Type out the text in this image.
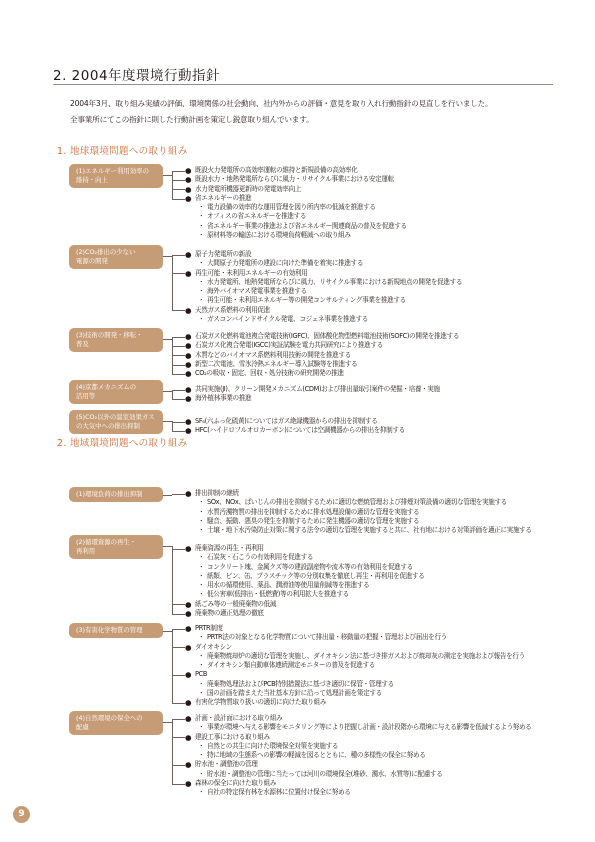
2. 2004年度環境行動指針
2004年3月、取り組み実績の評価、環境関係の社会動向、社内外からの評価・意見を取り入れ行動指針の見直しを行いました。
全事業所にてこの指針に則した行動計画を策定し鋭意取り組んでいます。
1. 地球環境問題への取り組み
2. 地域環境問題への取り組み
(1)エネルギー利用効率の
維持・向上
● 既設火力発電所の高効率運転の維持と新規設備の高効率化
● 既設水力・地熱発電所ならびに風力・リサイクル事業における安定運転
● 水力発電所機器更新時の発電効率向上
● 省エネルギーの推進
・ 電力設備の効率的な運用管理を図り所内率の低減を推進する
・ オフィスの省エネルギーを推進する
・ 省エネルギー事業の推進および省エネルギー関連商品の普及を促進する
・ 原材料等の輸送における環境負荷軽減への取り組み
(2)CO₂排出の少ない
電源の開発
● 原子力発電所の新設
・ 大間原子力発電所の建設に向けた準備を着実に推進する
● 再生可能・未利用エネルギーの有効利用
・ 水力発電所、地熱発電所ならびに風力、リサイクル事業における新規地点の開発を促進する
・ 海外バイオマス発電事業を推進する
・ 再生可能・未利用エネルギー等の開発コンサルティング事業を推進する
● 天然ガス系燃料の利用促進
・ ガスコンバインドサイクル発電、コジェネ事業を推進する
(3)技術の開発・移転・
普及
● 石炭ガス化燃料電池複合発電技術(IGFC)、固体酸化物型燃料電池技術(SOFC)の開発を推進する
● 石炭ガス化複合発電(IGCC)実証試験を電力共同研究により推進する
● 木質などのバイオマス系燃料利用技術の開発を推進する
● 新型二次電池、雪氷冷熱エネルギー導入試験等を推進する
● CO₂の吸収・固定、回収・処分技術の研究開発の推進
(4)京都メカニズムの
活用等
● 共同実施(JI)、クリーン開発メカニズム(CDM)および排出量取引案件の発掘・培養・実施
● 海外植林事業の推進
(5)CO₂以外の温室効果ガス
の大気中への排出抑制
● SF₆(六ふっ化硫黄)についてはガス絶縁機器からの排出を抑制する
● HFC(ハイドロフルオロカーボン)については空調機器からの排出を抑制する
(1)環境負荷の排出抑制	● 排出抑制の継続
・ SOx、NOx、ばいじんの排出を抑制するために適切な燃焼管理および排煙対策設備の適切な管理を実施する
・ 水質汚濁物質の排出を抑制するために排水処理設備の適切な管理を実施する
・ 騒音、振動、悪臭の発生を抑制するために発生機器の適切な管理を実施する
・ 土壌・地下水汚染防止対策に関する法令の適切な管理を実施すると共に、社有地における対策評価を適正に実施する
(2)循環資源の再生・
再利用	● 廃棄資源の再生・再利用
・ 石炭灰・石こうの有効利用を促進する
・ コンクリート塊、金属クズ等の建設副産物や流木等の有効利用を促進する
・ 紙類、ビン、缶、プラスチック等の分別収集を徹底し再生・再利用を促進する
・ 用水の循環使用、薬品、潤滑油等使用量削減等を推進する
・ 低公害車(低排出・低燃費)等の利用拡大を推進する
● 紙ごみ等の一般廃棄物の低減
● 廃棄物の適正処理の徹底
(3)有害化学物質の管理	● PRTR制度
・ PRTR法の対象となる化学物質について排出量・移動量の把握・管理および届出を行う
● ダイオキシン
・ 廃棄物焼却炉の適切な管理を実施し、ダイオキシン法に基づき排ガスおよび焼却灰の測定を実施および報告を行う
・ ダイオキシン類自動車体連続測定モニターの普及を促進する
● PCB
・ 廃棄物処理法およびPCB特別措置法に基づき適切に保管・管理する
・ 国の計画を踏まえた当社基本方針に沿って処理計画を策定する
● 有害化学物質取り扱いの適切に向けた取り組み
(4)自然環境の保全への
配慮
● 計画・設計面における取り組み
・ 事業が環境へ与える影響をモニタリング等により把握し計画・設計段階から環境に与える影響を低減するよう努める
● 建設工事における取り組み
・ 自然との共生に向けた環境保全対策を実施する
・ 特に地域の生態系への影響の軽減を図るとともに、種の多様性の保全に努める
● 貯水池・調整池の管理
・ 貯水池・調整池の管理に当たっては河川の環境保全(堆砂、濁水、水質等)に配慮する
● 森林の保全に向けた取り組み
・ 自社の特定保有林を水源林に位置付け保全に努める
9
